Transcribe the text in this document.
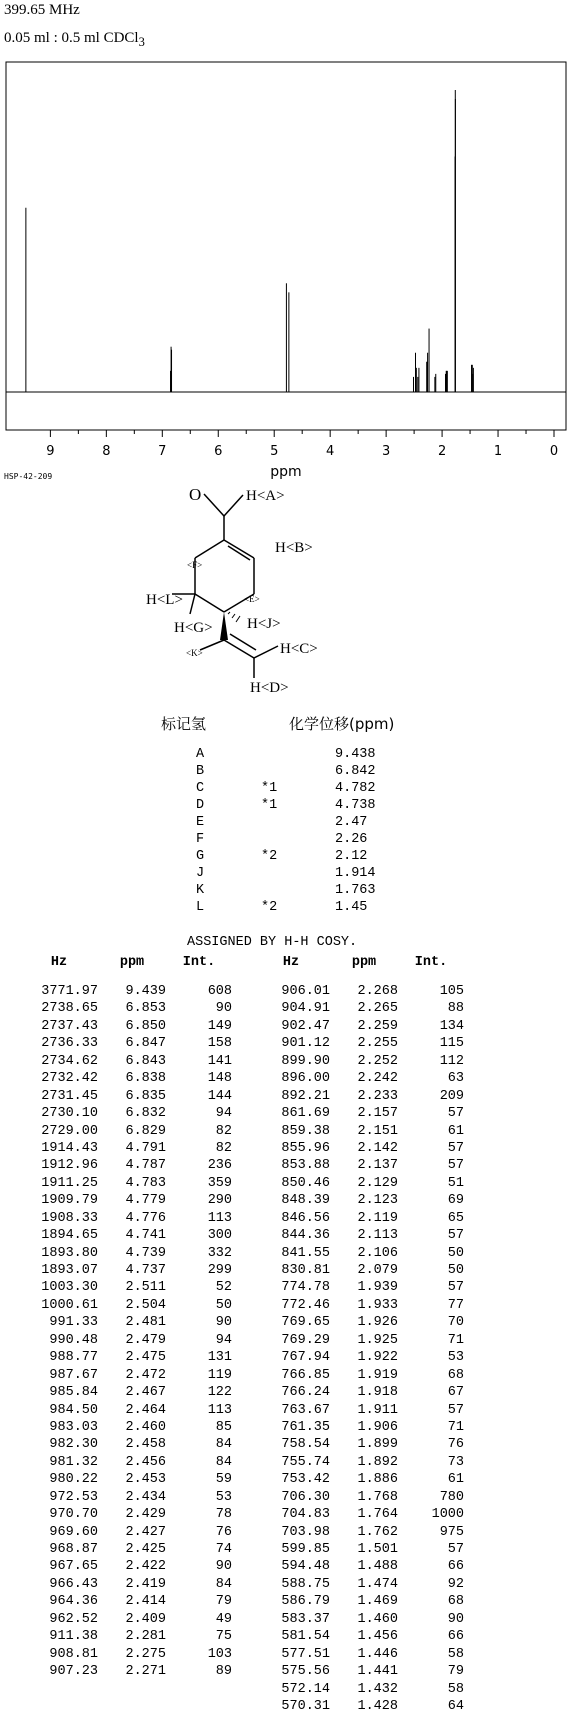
399.65 MHz
0.05 ml : 0.5 ml CDCl$_3$
9	8	7	6	5	4	3	2	1	0
ppm
HSP-42-209
O	H<A>
H<B>
H<L>
H<G> H<J>
H<C>
H<D>
<F>
<E>
<K>
标记氢	化学位移(ppm)
A	9.438
B	6.842
C	*1	4.782
D	*1	4.738
E	2.47
F	2.26
G	*2	2.12
J	1.914
K	1.763
L	*2	1.45
ASSIGNED BY H-H COSY.
Hz	ppm	Int.
3771.97	9.439	608
2738.65	6.853	90
2737.43	6.850	149
2736.33	6.847	158
2734.62	6.843	141
2732.42	6.838	148
2731.45	6.835	144
2730.10	6.832	94
2729.00	6.829	82
1914.43	4.791	82
1912.96	4.787	236
1911.25	4.783	359
1909.79	4.779	290
1908.33	4.776	113
1894.65	4.741	300
1893.80	4.739	332
1893.07	4.737	299
1003.30	2.511	52
1000.61	2.504	50
991.33	2.481	90
990.48	2.479	94
988.77	2.475	131
987.67	2.472	119
985.84	2.467	122
984.50	2.464	113
983.03	2.460	85
982.30	2.458	84
981.32	2.456	84
980.22	2.453	59
972.53	2.434	53
970.70	2.429	78
969.60	2.427	76
968.87	2.425	74
967.65	2.422	90
966.43	2.419	84
964.36	2.414	79
962.52	2.409	49
911.38	2.281	75
908.81	2.275	103
907.23	2.271	89
Hz	ppm	Int.
906.01	2.268	105
904.91	2.265	88
902.47	2.259	134
901.12	2.255	115
899.90	2.252	112
896.00	2.242	63
892.21	2.233	209
861.69	2.157	57
859.38	2.151	61
855.96	2.142	57
853.88	2.137	57
850.46	2.129	51
848.39	2.123	69
846.56	2.119	65
844.36	2.113	57
841.55	2.106	50
830.81	2.079	50
774.78	1.939	57
772.46	1.933	77
769.65	1.926	70
769.29	1.925	71
767.94	1.922	53
766.85	1.919	68
766.24	1.918	67
763.67	1.911	57
761.35	1.906	71
758.54	1.899	76
755.74	1.892	73
753.42	1.886	61
706.30	1.768	780
704.83	1.764	1000
703.98	1.762	975
599.85	1.501	57
594.48	1.488	66
588.75	1.474	92
586.79	1.469	68
583.37	1.460	90
581.54	1.456	66
577.51	1.446	58
575.56	1.441	79
572.14	1.432	58
570.31	1.428	64
